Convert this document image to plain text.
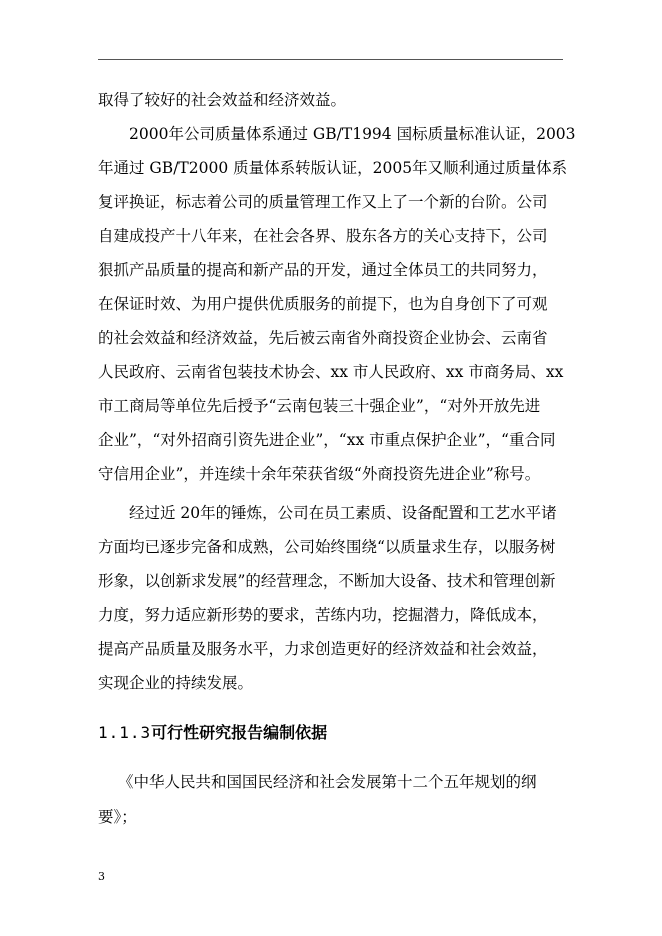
取得了较好的社会效益和经济效益。
2000年公司质量体系通过 GB/T1994 国标质量标准认证，2003
年通过 GB/T2000 质量体系转版认证，2005年又顺利通过质量体系
复评换证，标志着公司的质量管理工作又上了一个新的台阶。公司
自建成投产十八年来，在社会各界、股东各方的关心支持下，公司
狠抓产品质量的提高和新产品的开发，通过全体员工的共同努力，
在保证时效、为用户提供优质服务的前提下，也为自身创下了可观
的社会效益和经济效益，先后被云南省外商投资企业协会、云南省
人民政府、云南省包装技术协会、xx 市人民政府、xx 市商务局、xx
市工商局等单位先后授予“云南包装三十强企业”，“对外开放先进
企业”，“对外招商引资先进企业”，“xx 市重点保护企业”，“重合同
守信用企业”，并连续十余年荣获省级“外商投资先进企业”称号。
经过近 20年的锤炼，公司在员工素质、设备配置和工艺水平诸
方面均已逐步完备和成熟，公司始终围绕“以质量求生存，以服务树
形象，以创新求发展”的经营理念，不断加大设备、技术和管理创新
力度，努力适应新形势的要求，苦练内功，挖掘潜力，降低成本，
提高产品质量及服务水平，力求创造更好的经济效益和社会效益，
实现企业的持续发展。
1.1.3可行性研究报告编制依据
《中华人民共和国国民经济和社会发展第十二个五年规划的纲
要》；
3
